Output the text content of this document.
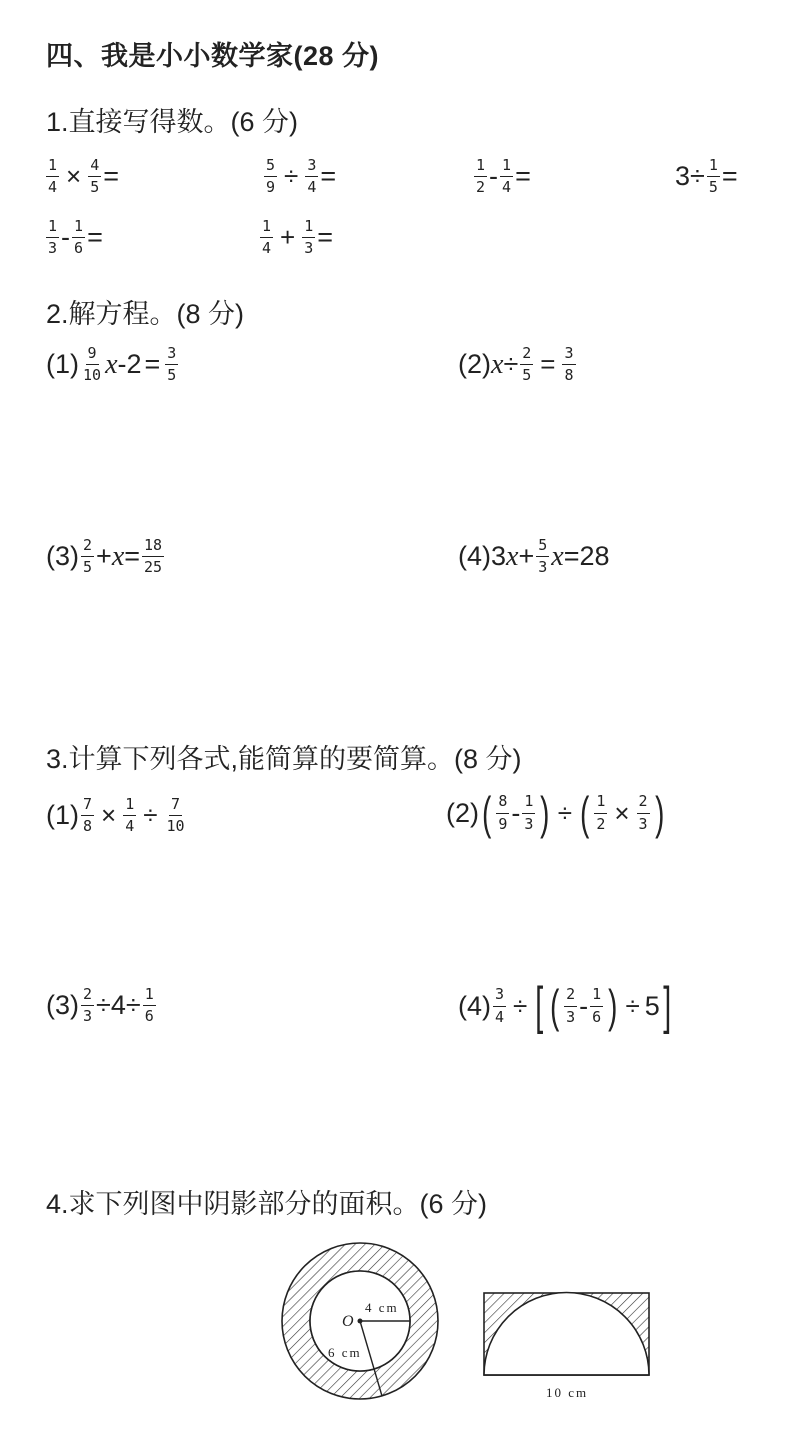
四、我是小小数学家(28 分)
1.直接写得数。(6 分)
$\frac{1}{4} \times \frac{4}{5}$ =	$\frac{5}{9} \div \frac{3}{4}$ =	$\frac{1}{2} - \frac{1}{4}$ =	$3 \div \frac{1}{5}$ =
$\frac{1}{3} - \frac{1}{6}$ =	$\frac{1}{4} + \frac{1}{3}$ =
2.解方程。(8 分)
$(1) \frac{9}{10}$ x $-2 = \frac{3}{5}$	(2) $x \div \frac{2}{5} = \frac{3}{8}$
$(3) \frac{2}{5} + x = \frac{18}{25}$	(4) 3 $x + \frac{5}{3}$ x = 28
3.计算下列各式,能简算的要简算。(8 分)
$(1) \frac{7}{8} \times \frac{1}{4} \div \frac{7}{10}$	(2) ( $\frac{8}{9} - \frac{1}{3}$ ) ÷ ( $\frac{1}{2} \times \frac{2}{3}$ )
$(3) \frac{2}{3} \div 4 \div \frac{1}{6}$	$(4) \frac{3}{4}$ ÷ [ ( $\frac{2}{3} - \frac{1}{6}$ ) ÷ 5 ]
4.求下列图中阴影部分的面积。(6 分)
O
4 cm
6 cm
10 cm
